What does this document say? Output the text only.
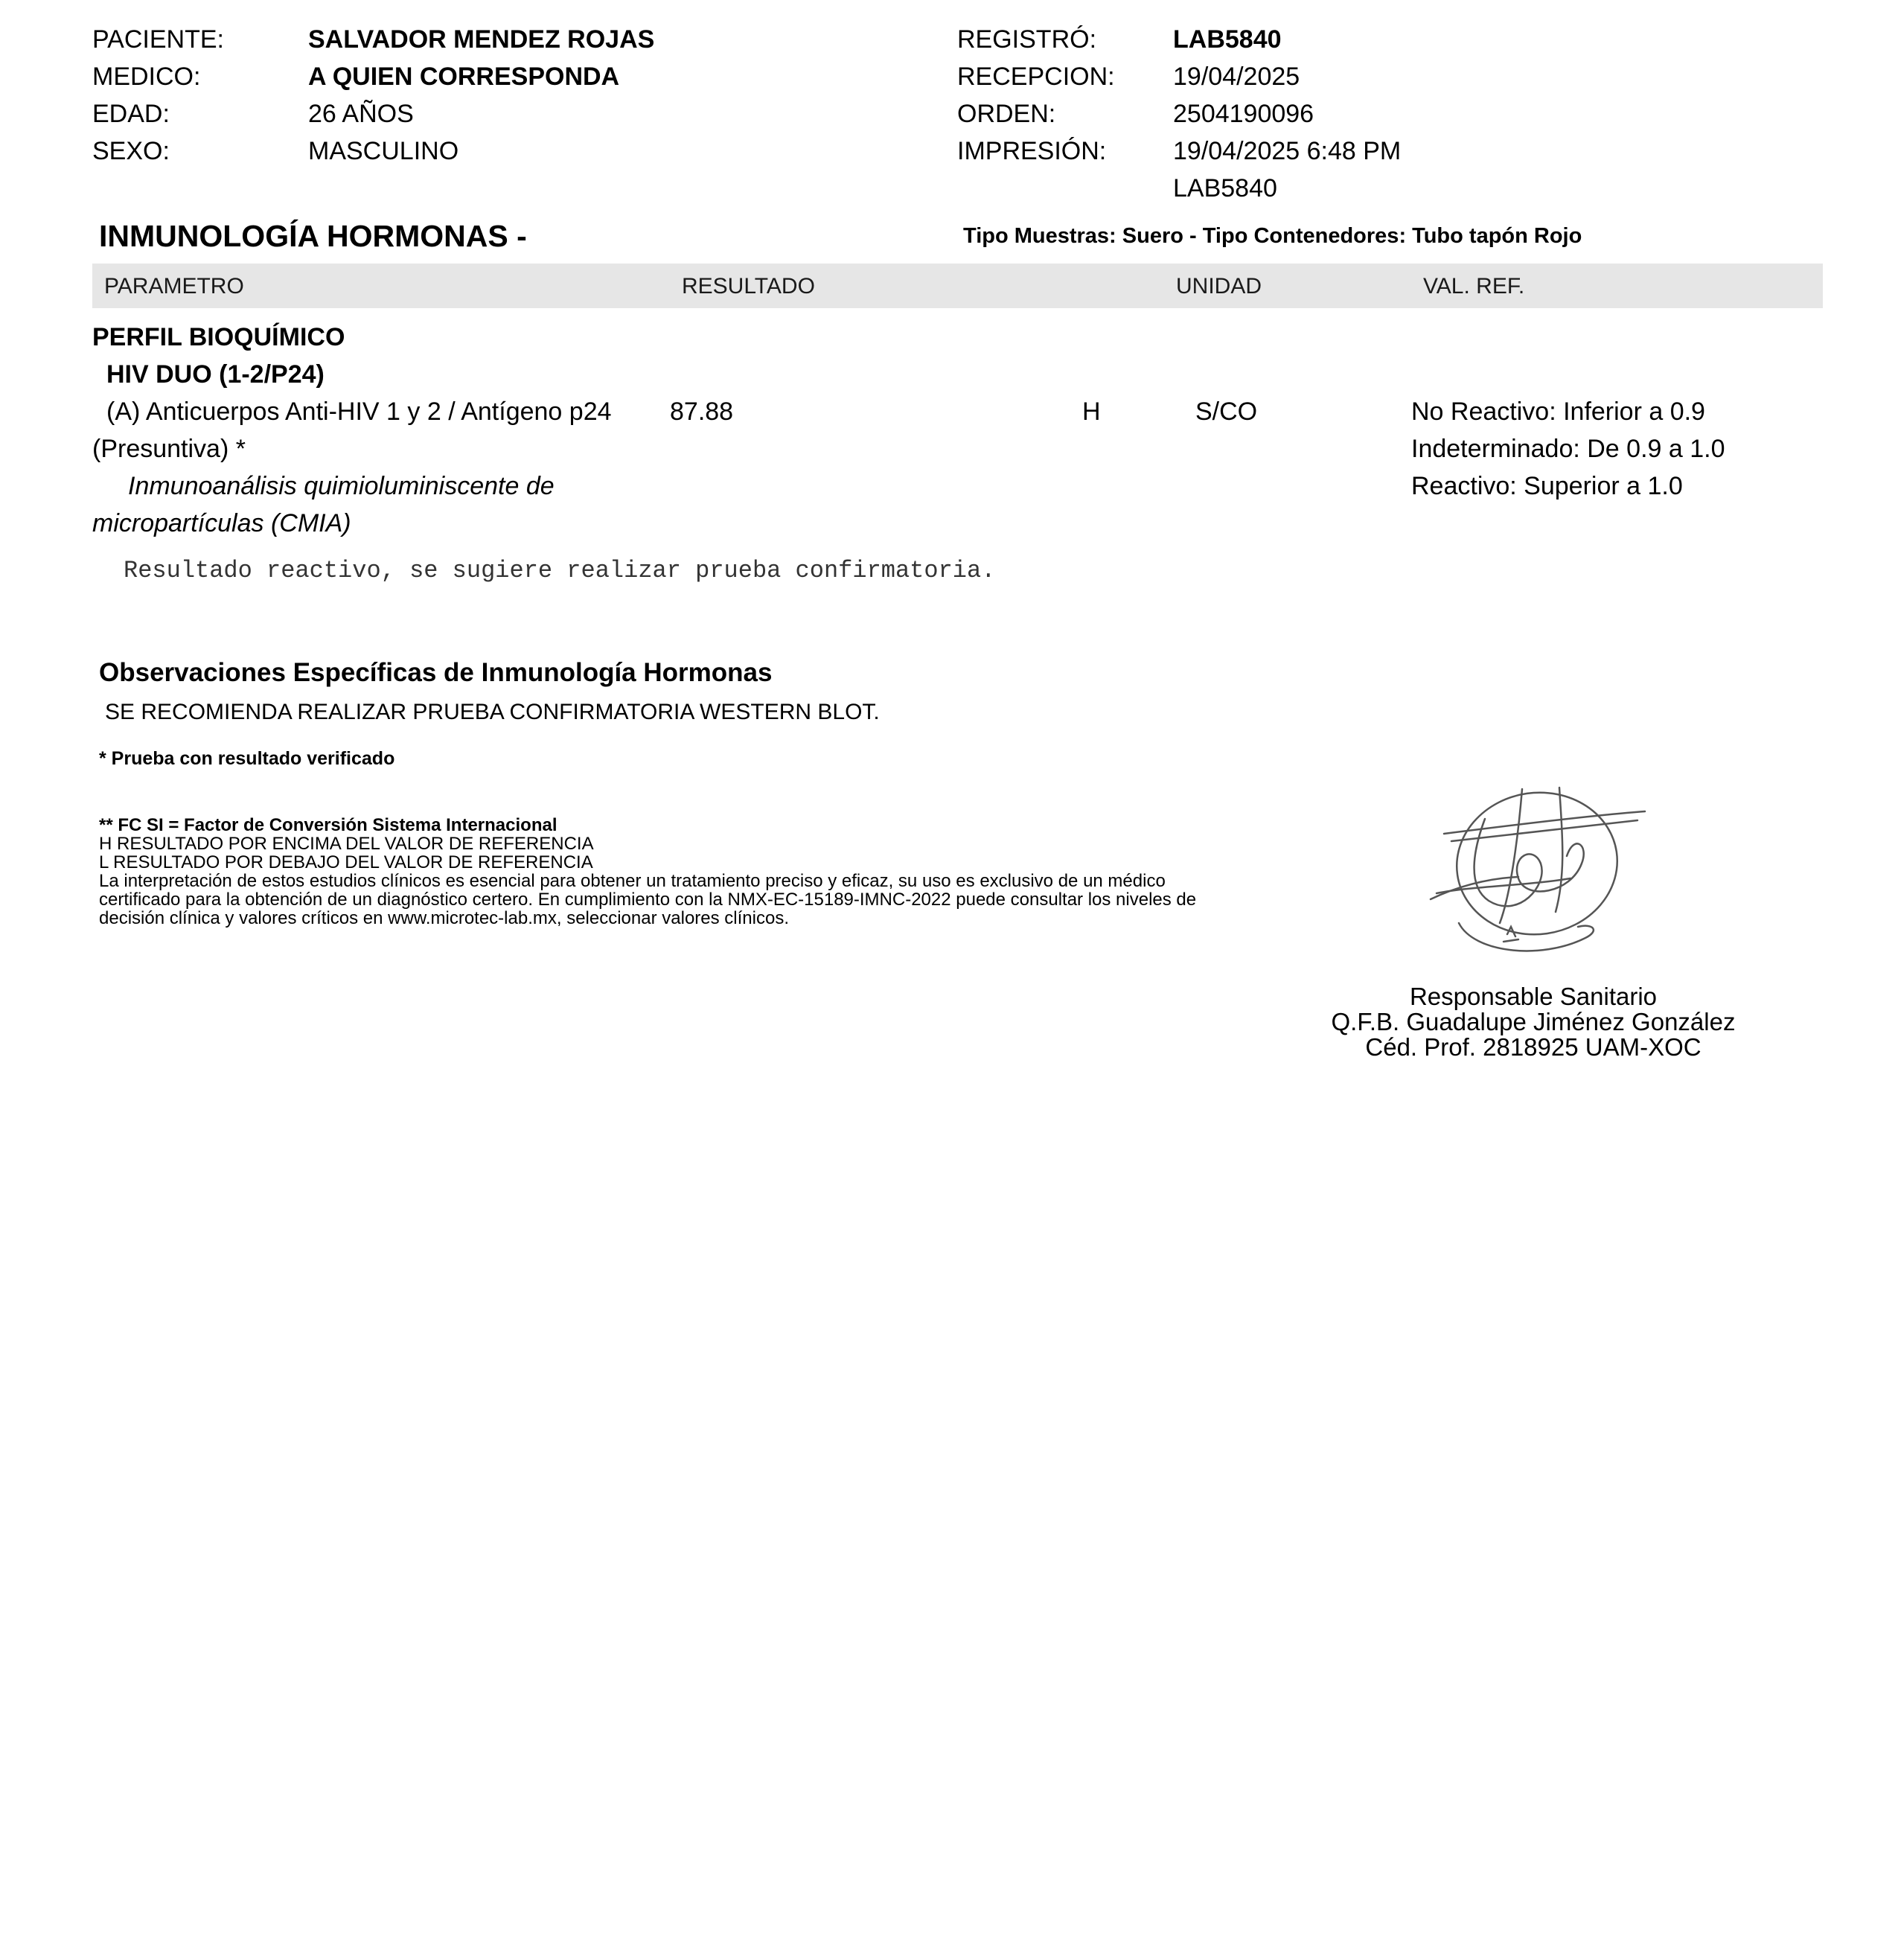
PACIENTE:	SALVADOR MENDEZ ROJAS
MEDICO:	A QUIEN CORRESPONDA
EDAD:	26 AÑOS
SEXO:	MASCULINO
REGISTRÓ:	LAB5840
RECEPCION: 19/04/2025
ORDEN:	2504190096
IMPRESIÓN:	19/04/2025 6:48 PM
LAB5840
INMUNOLOGÍA HORMONAS -	Tipo Muestras: Suero - Tipo Contenedores: Tubo tapón Rojo
PARAMETRO	RESULTADO	UNIDAD	VAL. REF.
PERFIL BIOQUÍMICO
HIV DUO (1-2/P24)
(A) Anticuerpos Anti-HIV 1 y 2 / Antígeno p24
(Presuntiva) *
Inmunoanálisis quimioluminiscente de
micropartículas (CMIA)
87.88	H	S/CO	No Reactivo: Inferior a 0.9
Indeterminado: De 0.9 a 1.0
Reactivo: Superior a 1.0
Resultado reactivo, se sugiere realizar prueba confirmatoria.
Observaciones Específicas de Inmunología Hormonas
SE RECOMIENDA REALIZAR PRUEBA CONFIRMATORIA WESTERN BLOT.
* Prueba con resultado verificado
** FC SI = Factor de Conversión Sistema Internacional
H RESULTADO POR ENCIMA DEL VALOR DE REFERENCIA
L RESULTADO POR DEBAJO DEL VALOR DE REFERENCIA
La interpretación de estos estudios clínicos es esencial para obtener un tratamiento preciso y eficaz, su uso es exclusivo de un médico
certificado para la obtención de un diagnóstico certero. En cumplimiento con la NMX-EC-15189-IMNC-2022 puede consultar los niveles de
decisión clínica y valores críticos en www.microtec-lab.mx, seleccionar valores clínicos.
Responsable Sanitario
Q.F.B. Guadalupe Jiménez González
Céd. Prof. 2818925 UAM-XOC
